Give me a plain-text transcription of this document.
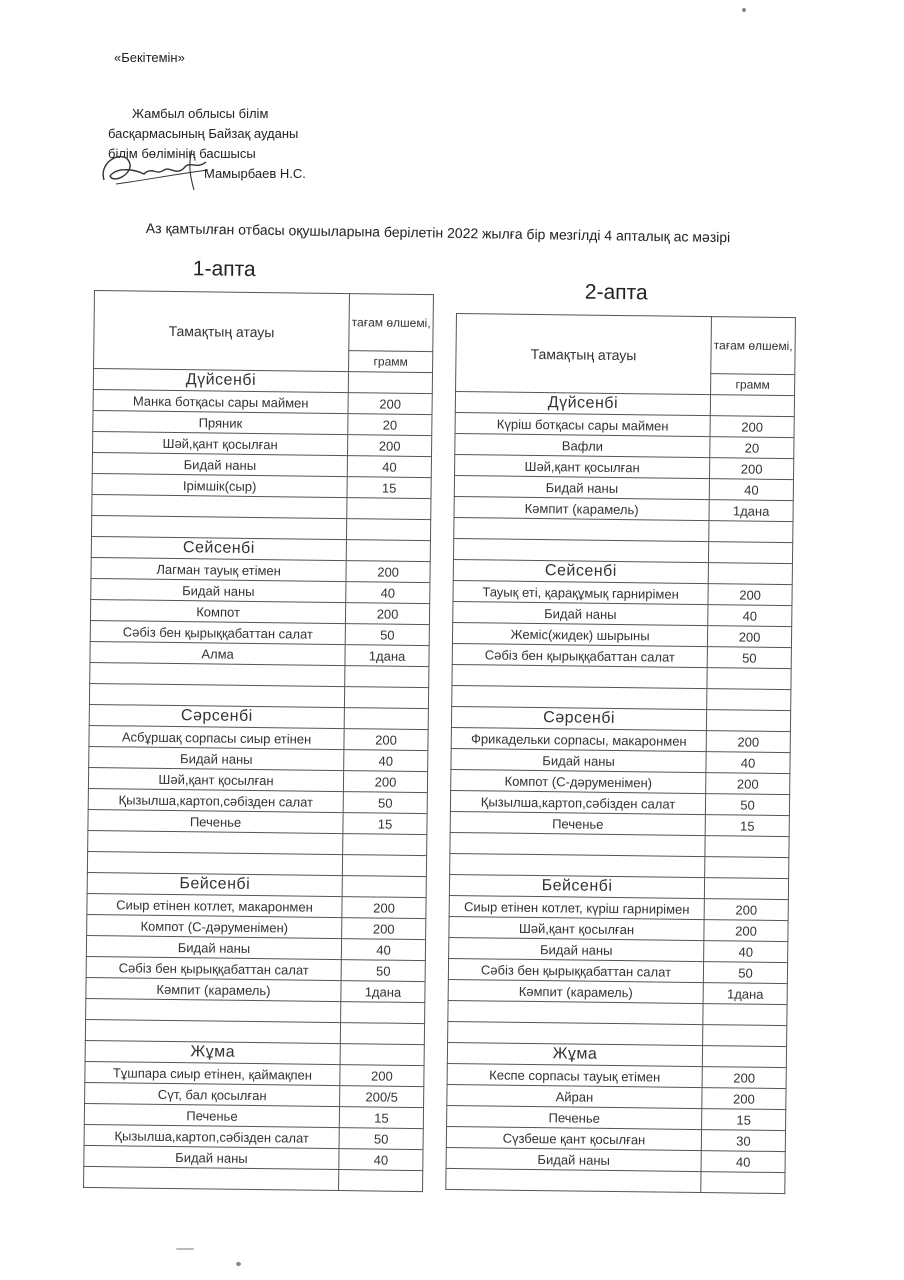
«Бекітемін»
Жамбыл облысы білім
басқармасының Байзақ ауданы
білім бөлімінің басшысы
Мамырбаев Н.С.
Аз қамтылған отбасы оқушыларына берілетін 2022 жылға бір мезгілді 4 апталық ас мәзірі
1-апта
Тамақтың атауы	тағам өлшемі,
	грамм
Дүйсенбі	
Манка ботқасы сары маймен	200
Пряник	20
Шәй,қант қосылған	200
Бидай наны	40
Ірімшік(сыр)	15

Сейсенбі	
Лагман тауық етімен	200
Бидай наны	40
Компот	200
Сәбіз бен қырыққабаттан салат	50
Алма	1дана

Сәрсенбі	
Асбұршақ сорпасы сиыр етінен	200
Бидай наны	40
Шәй,қант қосылған	200
Қызылша,картоп,сәбізден салат	50
Печенье	15

Бейсенбі	
Сиыр етінен котлет, макаронмен	200
Компот (С-дәруменімен)	200
Бидай наны	40
Сәбіз бен қырыққабаттан салат	50
Кәмпит (карамель)	1дана

Жұма	
Тұшпара сиыр етінен, қаймақпен	200
Сүт, бал қосылған	200/5
Печенье	15
Қызылша,картоп,сәбізден салат	50
Бидай наны	40

2-апта
Тамақтың атауы	тағам өлшемі,
	грамм
Дүйсенбі	
Күріш ботқасы сары маймен	200
Вафли	20
Шәй,қант қосылған	200
Бидай наны	40
Кәмпит (карамель)	1дана

Сейсенбі	
Тауық еті, қарақұмық гарнирімен	200
Бидай наны	40
Жеміс(жидек) шырыны	200
Сәбіз бен қырыққабаттан салат	50

Сәрсенбі	
Фрикадельки сорпасы, макаронмен	200
Бидай наны	40
Компот (С-дәруменімен)	200
Қызылша,картоп,сәбізден салат	50
Печенье	15

Бейсенбі	
Сиыр етінен котлет, күріш гарнирімен	200
Шәй,қант қосылған	200
Бидай наны	40
Сәбіз бен қырыққабаттан салат	50
Кәмпит (карамель)	1дана

Жұма	
Кеспе сорпасы тауық етімен	200
Айран	200
Печенье	15
Сүзбеше қант қосылған	30
Бидай наны	40
